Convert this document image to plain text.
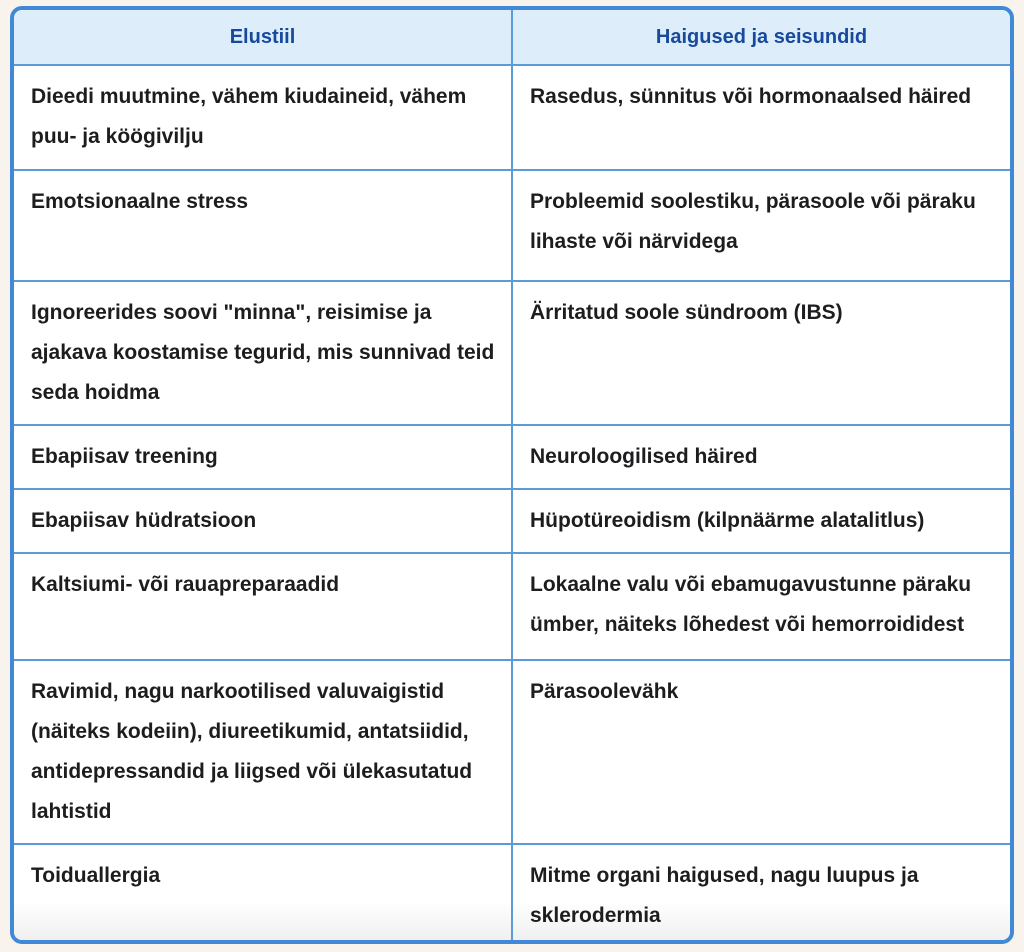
Elustiil	Haigused ja seisundid
Dieedi muutmine, vähem kiudaineid, vähem puu- ja köögivilju	Rasedus, sünnitus või hormonaalsed häired
Emotsionaalne stress	Probleemid soolestiku, pärasoole või päraku lihaste või närvidega
Ignoreerides soovi "minna", reisimise ja ajakava koostamise tegurid, mis sunnivad teid seda hoidma	Ärritatud soole sündroom (IBS)
Ebapiisav treening	Neuroloogilised häired
Ebapiisav hüdratsioon	Hüpotüreoidism (kilpnäärme alatalitlus)
Kaltsiumi- või rauapreparaadid	Lokaalne valu või ebamugavustunne päraku ümber, näiteks lõhedest või hemorroididest
Ravimid, nagu narkootilised valuvaigistid (näiteks kodeiin), diureetikumid, antatsiidid, antidepressandid ja liigsed või ülekasutatud lahtistid	Pärasoolevähk
Toiduallergia	Mitme organi haigused, nagu luupus ja sklerodermia
